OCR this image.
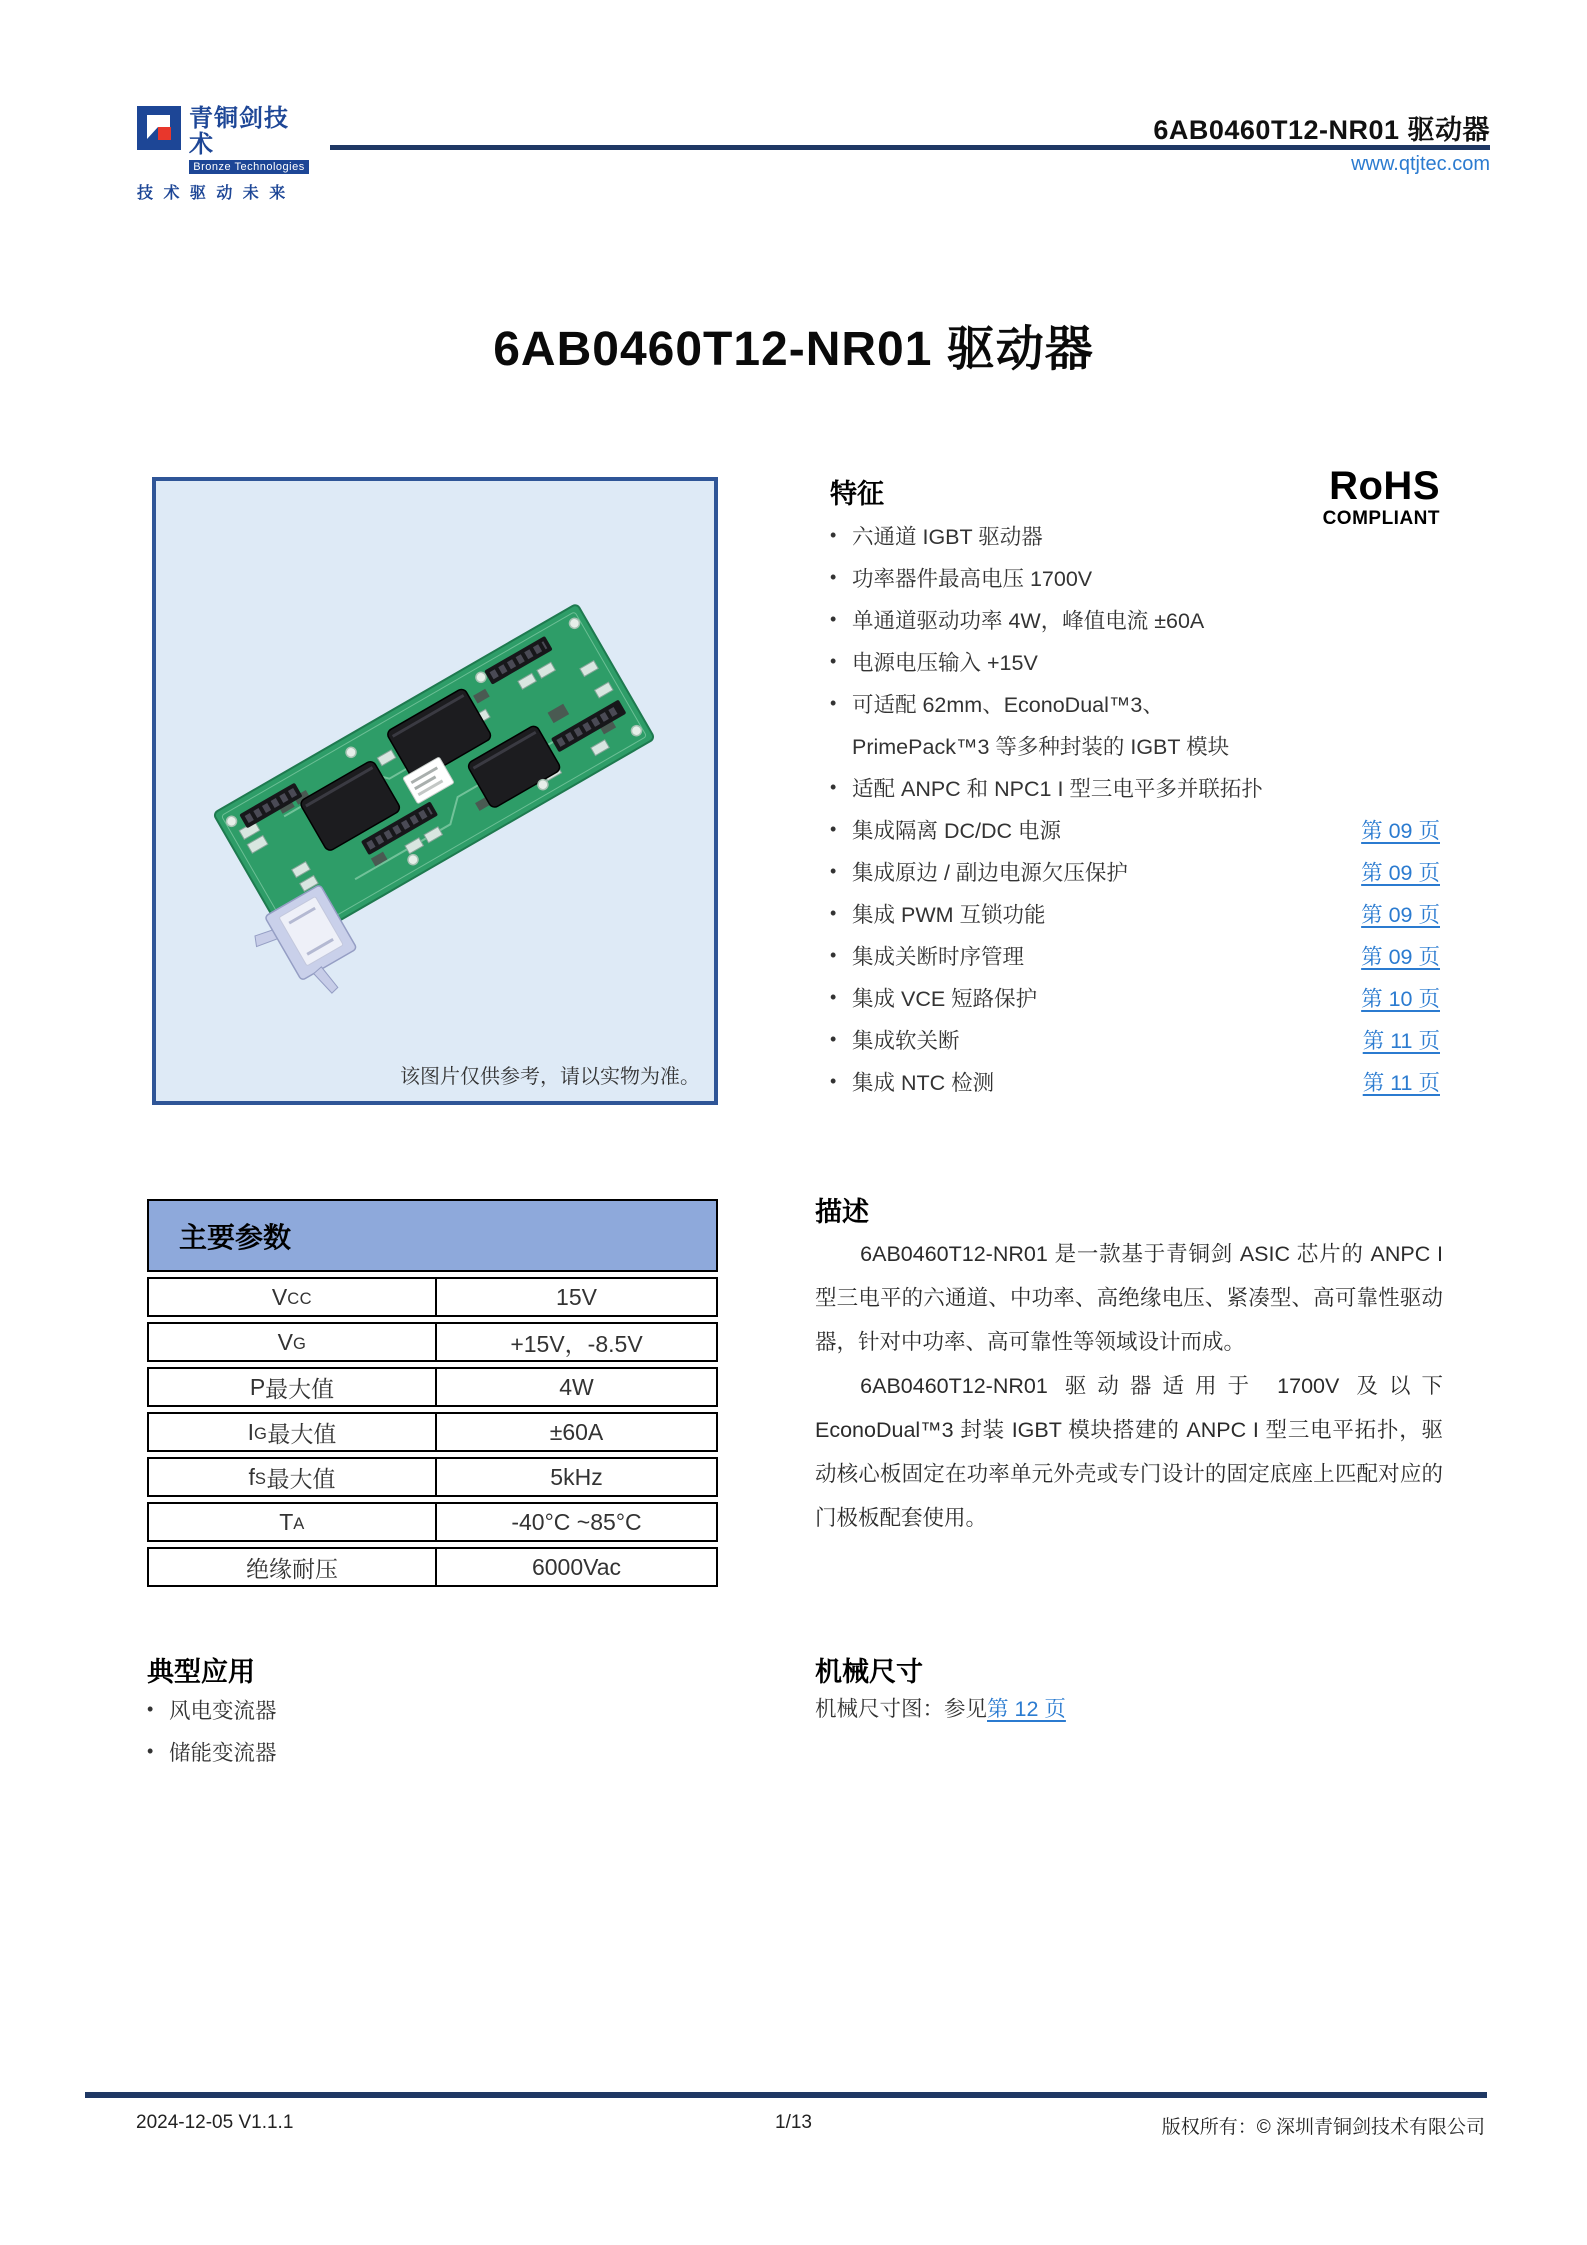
青铜剑技术
Bronze Technologies
技 术 驱 动 未 来
6AB0460T12-NR01 驱动器
www.qtjtec.com
6AB0460T12-NR01 驱动器
该图片仅供参考，请以实物为准。
特征	RoHS
COMPLIANT
• 六通道 IGBT 驱动器
• 功率器件最高电压 1700V
• 单通道驱动功率 4W，峰值电流 ±60A
• 电源电压输入 +15V
• 可适配 62mm、EconoDual™3、
PrimePack™3 等多种封装的 IGBT 模块
• 适配 ANPC 和 NPC1 I 型三电平多并联拓扑
• 集成隔离 DC/DC 电源	第 09 页
• 集成原边 / 副边电源欠压保护	第 09 页
• 集成 PWM 互锁功能	第 09 页
• 集成关断时序管理	第 09 页
• 集成 VCE 短路保护	第 10 页
• 集成软关断	第 11 页
• 集成 NTC 检测	第 11 页
主要参数
V CC	15V
V G	+15V，-8.5V
P 最大值	4W
I G 最大值	±60A
f S 最大值	5kHz
T A	-40°C ~85°C
绝缘耐压	6000Vac
描述

6AB0460T12-NR01 是一款基于青铜剑 ASIC 芯片的 ANPC I 型三电平的六通道、中功率、高绝缘电压、紧凑型、高可靠性驱动器，针对中功率、高可靠性等领域设计而成。

6AB0460T12-NR01 驱动器适用于 1700V 及以下 EconoDual™3 封装 IGBT 模块搭建的 ANPC I 型三电平拓扑，驱动核心板固定在功率单元外壳或专门设计的固定底座上匹配对应的门极板配套使用。

典型应用
• 风电变流器
• 储能变流器
机械尺寸
机械尺寸图：参见第 12 页
1/13
2024-12-05 V1.1.1	版权所有：© 深圳青铜剑技术有限公司
